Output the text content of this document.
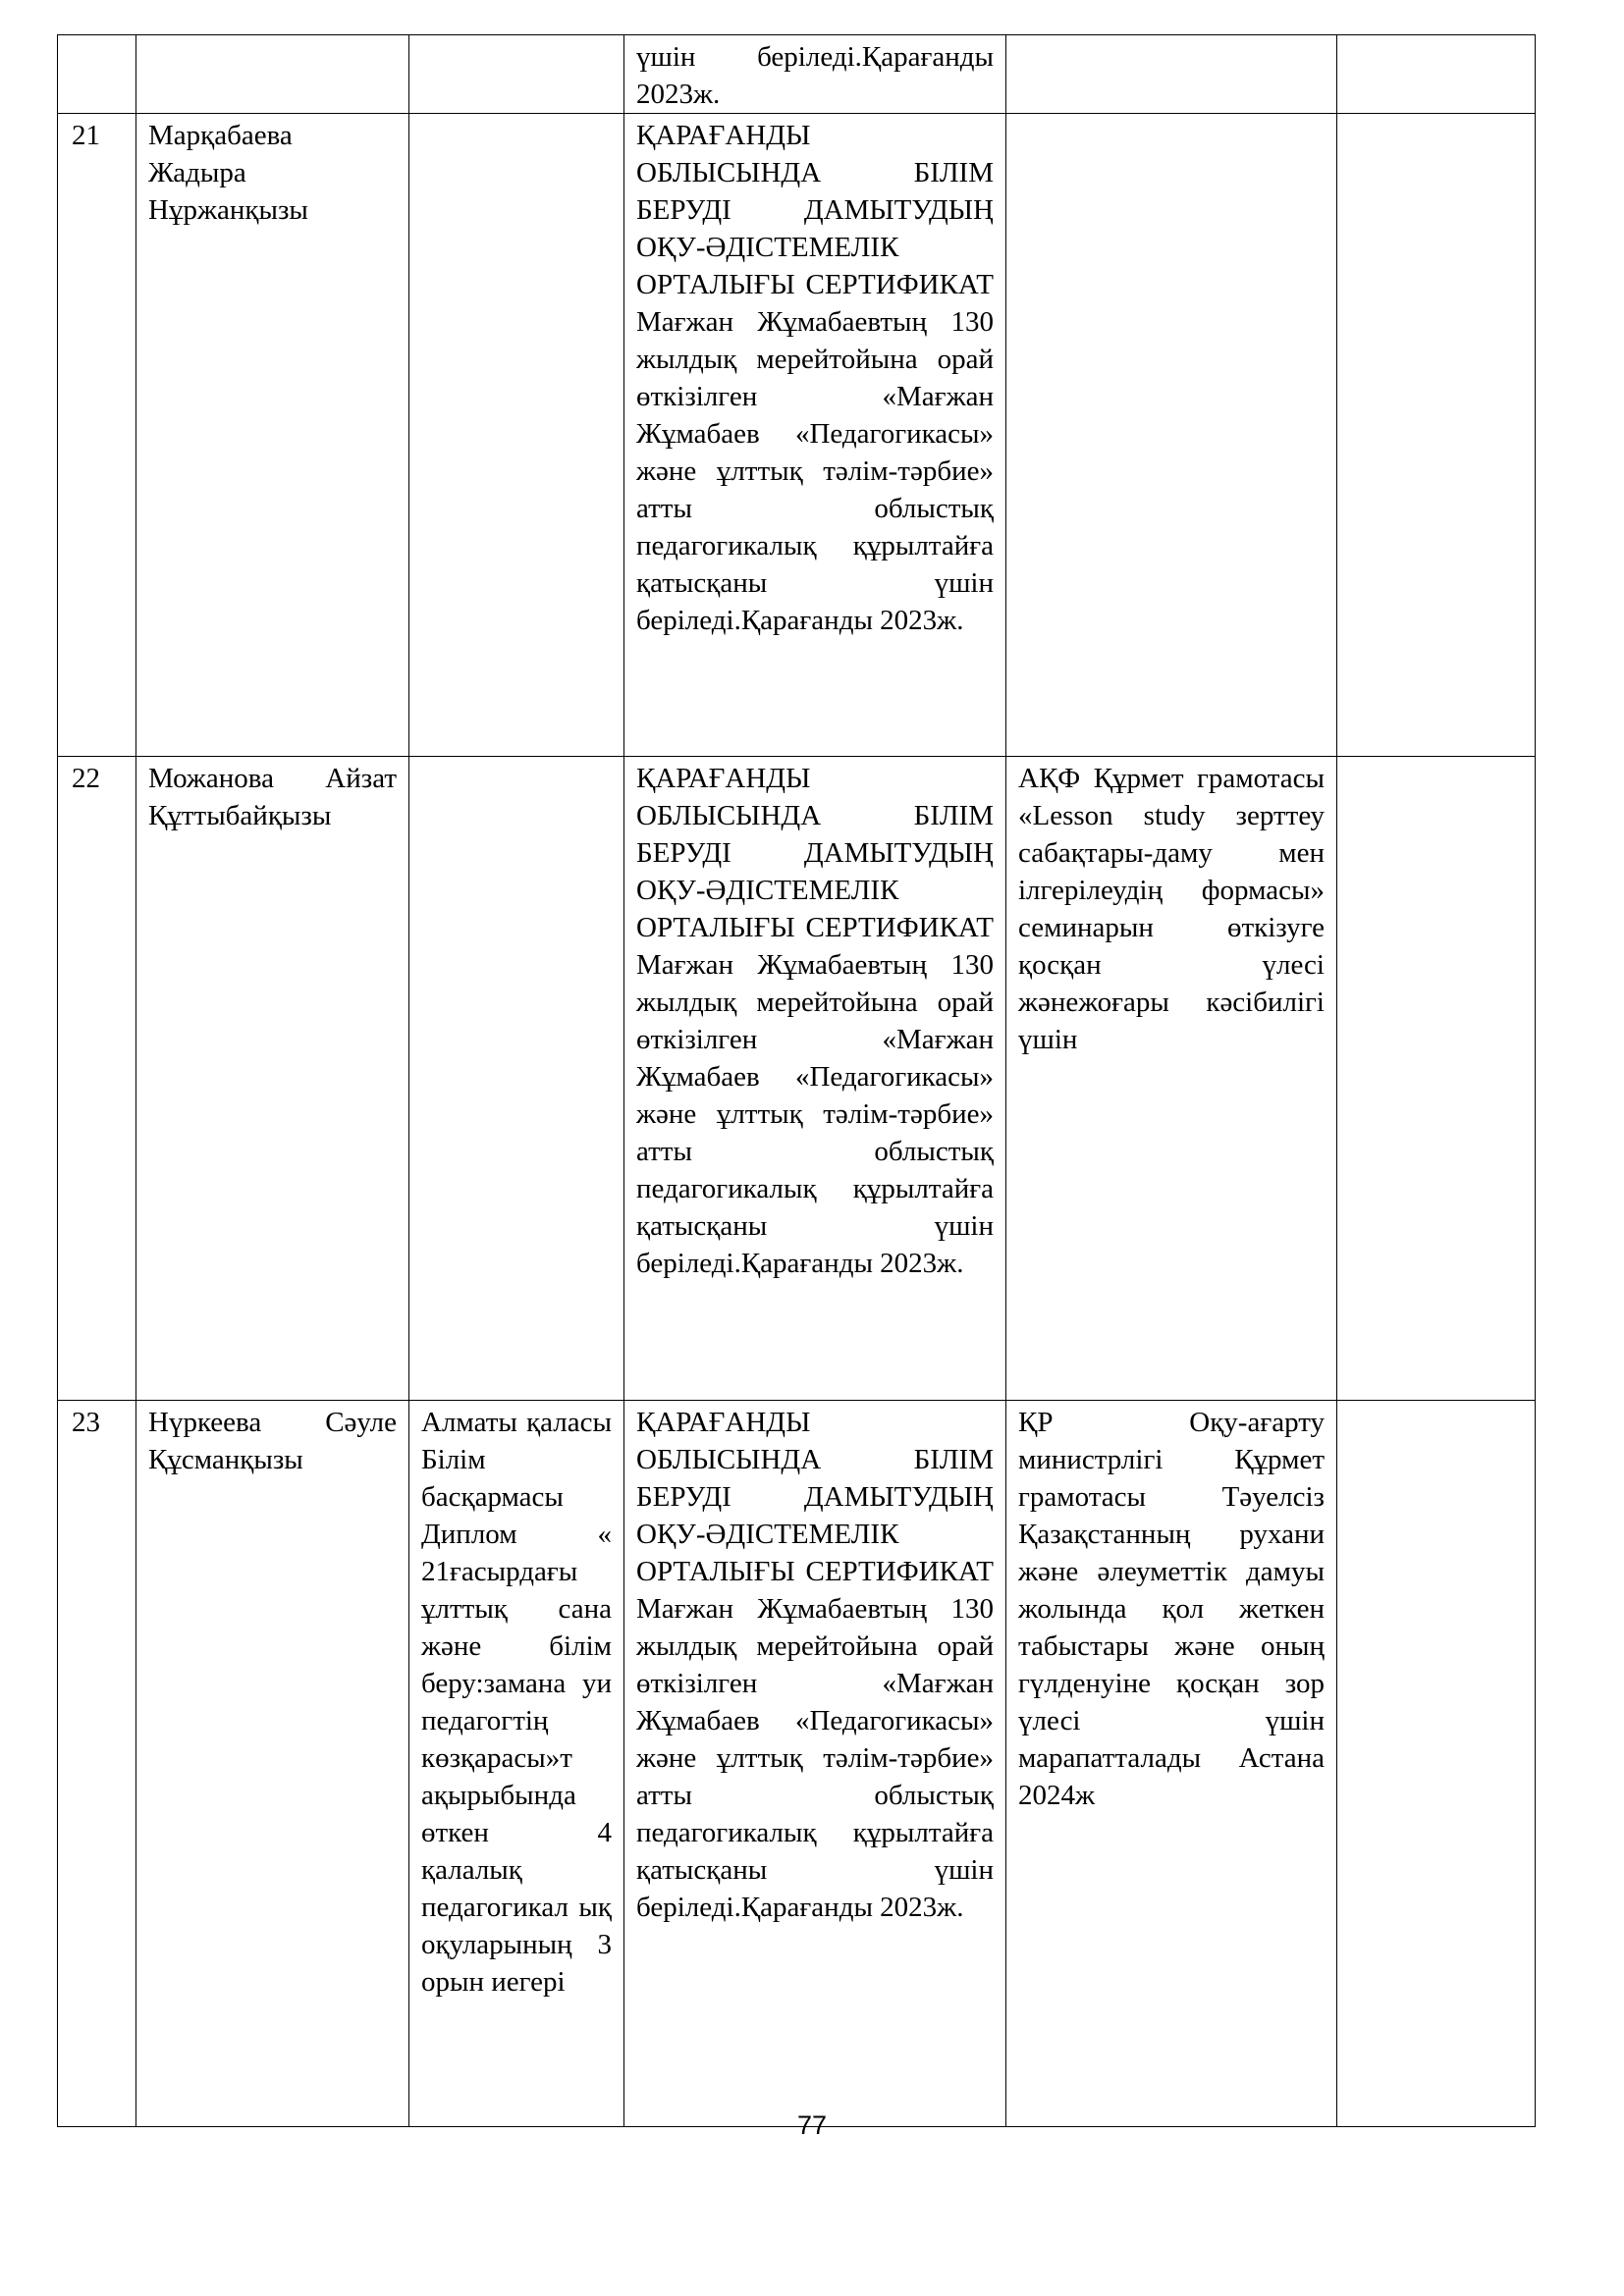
			үшін беріледі.Қарағанды 2023ж.		
21	Марқабаева Жадыра Нұржанқызы		ҚАРАҒАНДЫ ОБЛЫСЫНДА БІЛІМ БЕРУДІ ДАМЫТУДЫҢ ОҚУ-ӘДІСТЕМЕЛІК ОРТАЛЫҒЫ СЕРТИФИКАТ Мағжан Жұмабаевтың 130 жылдық мерейтойына орай өткізілген «Мағжан Жұмабаев «Педагогикасы» және ұлттық тәлім-тәрбие» атты облыстық педагогикалық құрылтайға қатысқаны үшін беріледі.Қарағанды 2023ж.		
22	Можанова Айзат Құттыбайқызы		ҚАРАҒАНДЫ ОБЛЫСЫНДА БІЛІМ БЕРУДІ ДАМЫТУДЫҢ ОҚУ-ӘДІСТЕМЕЛІК ОРТАЛЫҒЫ СЕРТИФИКАТ Мағжан Жұмабаевтың 130 жылдық мерейтойына орай өткізілген «Мағжан Жұмабаев «Педагогикасы» және ұлттық тәлім-тәрбие» атты облыстық педагогикалық құрылтайға қатысқаны үшін беріледі.Қарағанды 2023ж.	АҚФ Құрмет грамотасы «Lesson study зерттеу сабақтары-даму мен ілгерілеудің формасы» семинарын өткізуге қосқан үлесі жәнежоғары кәсібилігі үшін	
23	Нүркеева Сәуле Құсманқызы	Алматы қаласы Білім басқармасы Диплом « 21ғасырдағы ұлттық сана және білім беру:замана уи педагогтің көзқарасы»т ақырыбында өткен 4 қалалық педагогикал ық оқуларының 3 орын иегері	ҚАРАҒАНДЫ ОБЛЫСЫНДА БІЛІМ БЕРУДІ ДАМЫТУДЫҢ ОҚУ-ӘДІСТЕМЕЛІК ОРТАЛЫҒЫ СЕРТИФИКАТ Мағжан Жұмабаевтың 130 жылдық мерейтойына орай өткізілген «Мағжан Жұмабаев «Педагогикасы» және ұлттық тәлім-тәрбие» атты облыстық педагогикалық құрылтайға қатысқаны үшін беріледі.Қарағанды 2023ж.	ҚР Оқу-ағарту министрлігі Құрмет грамотасы Тәуелсіз Қазақстанның рухани және әлеуметтік дамуы жолында қол жеткен табыстары және оның гүлденуіне қосқан зор үлесі үшін марапатталады Астана 2024ж	
77
